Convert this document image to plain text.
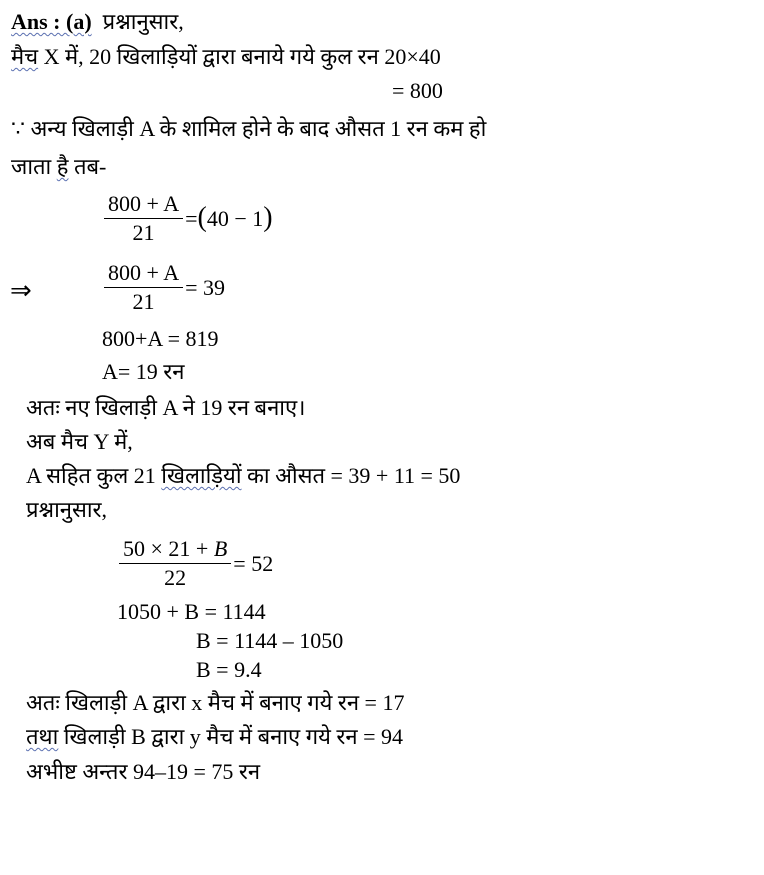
Ans : (a) प्रश्नानुसार,
मैच X में, 20 खिलाड़ियों द्वारा बनाये गये कुल रन 20×40
= 800
∵ अन्य खिलाड़ी A के शामिल होने के बाद औसत 1 रन कम हो
जाता है तब-
$\frac{800 + A}{21} =(40 - 1)$
⇒	$\frac{800 + A}{21} = 39$
800+A = 819
A= 19 रन
अतः नए खिलाड़ी A ने 19 रन बनाए।
अब मैच Y में,
A सहित कुल 21 खिलाड़ियों का औसत = 39 + 11 = 50
प्रश्नानुसार,
$\frac{50 \times 21 + B}{22} = 52$
1050 + B = 1144
B = 1144 – 1050
B = 9.4
अतः खिलाड़ी A द्वारा x मैच में बनाए गये रन = 17
तथा खिलाड़ी B द्वारा y मैच में बनाए गये रन = 94
अभीष्ट अन्तर 94–19 = 75 रन
